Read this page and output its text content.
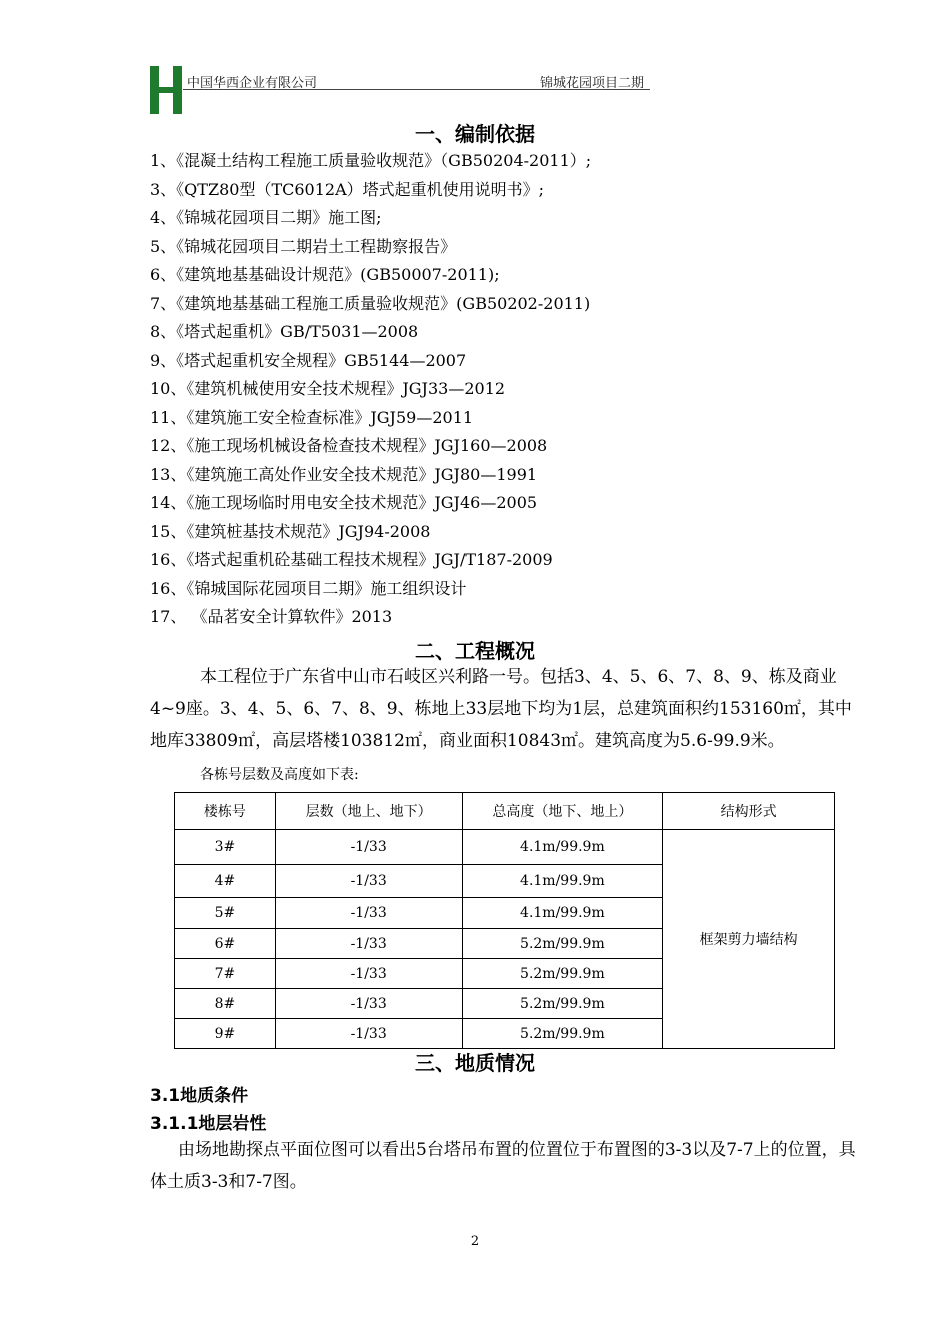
HUASHI 中国华西企业有限公司	锦城花园项目二期
一、编制依据
1、《混凝土结构工程施工质量验收规范》（GB50204-2011）;
3、《QTZ80型（TC6012A）塔式起重机使用说明书》;
4、《锦城花园项目二期》施工图;
5、《锦城花园项目二期岩土工程勘察报告》
6、《建筑地基基础设计规范》(GB50007-2011);
7、《建筑地基基础工程施工质量验收规范》(GB50202-2011)
8、《塔式起重机》GB/T5031—2008
9、《塔式起重机安全规程》GB5144—2007
10、《建筑机械使用安全技术规程》JGJ33—2012
11、《建筑施工安全检查标准》JGJ59—2011
12、《施工现场机械设备检查技术规程》JGJ160—2008
13、《建筑施工高处作业安全技术规范》JGJ80—1991
14、《施工现场临时用电安全技术规范》JGJ46—2005
15、《建筑桩基技术规范》JGJ94-2008
16、《塔式起重机砼基础工程技术规程》JGJ/T187-2009
16、《锦城国际花园项目二期》施工组织设计
17、 《品茗安全计算软件》2013
二、工程概况

本工程位于广东省中山市石岐区兴利路一号。包括3、4、5、6、7、8、9、栋及商业4~9座。3、4、5、6、7、8、9、栋地上33层地下均为1层，总建筑面积约153160㎡，其中地库33809㎡，高层塔楼103812㎡，商业面积10843㎡。建筑高度为5.6-99.9米。

各栋号层数及高度如下表:
楼栋号	层数（地上、地下）	总高度（地下、地上）	结构形式
3#	-1/33	4.1m/99.9m	框架剪力墙结构
4#	-1/33	4.1m/99.9m	
5#	-1/33	4.1m/99.9m	
6#	-1/33	5.2m/99.9m	
7#	-1/33	5.2m/99.9m	
8#	-1/33	5.2m/99.9m	
9#	-1/33	5.2m/99.9m	
三、地质情况
3.1地质条件
3.1.1地层岩性

由场地勘探点平面位图可以看出5台塔吊布置的位置位于布置图的3-3以及7-7上的位置，具体土质3-3和7-7图。

2
